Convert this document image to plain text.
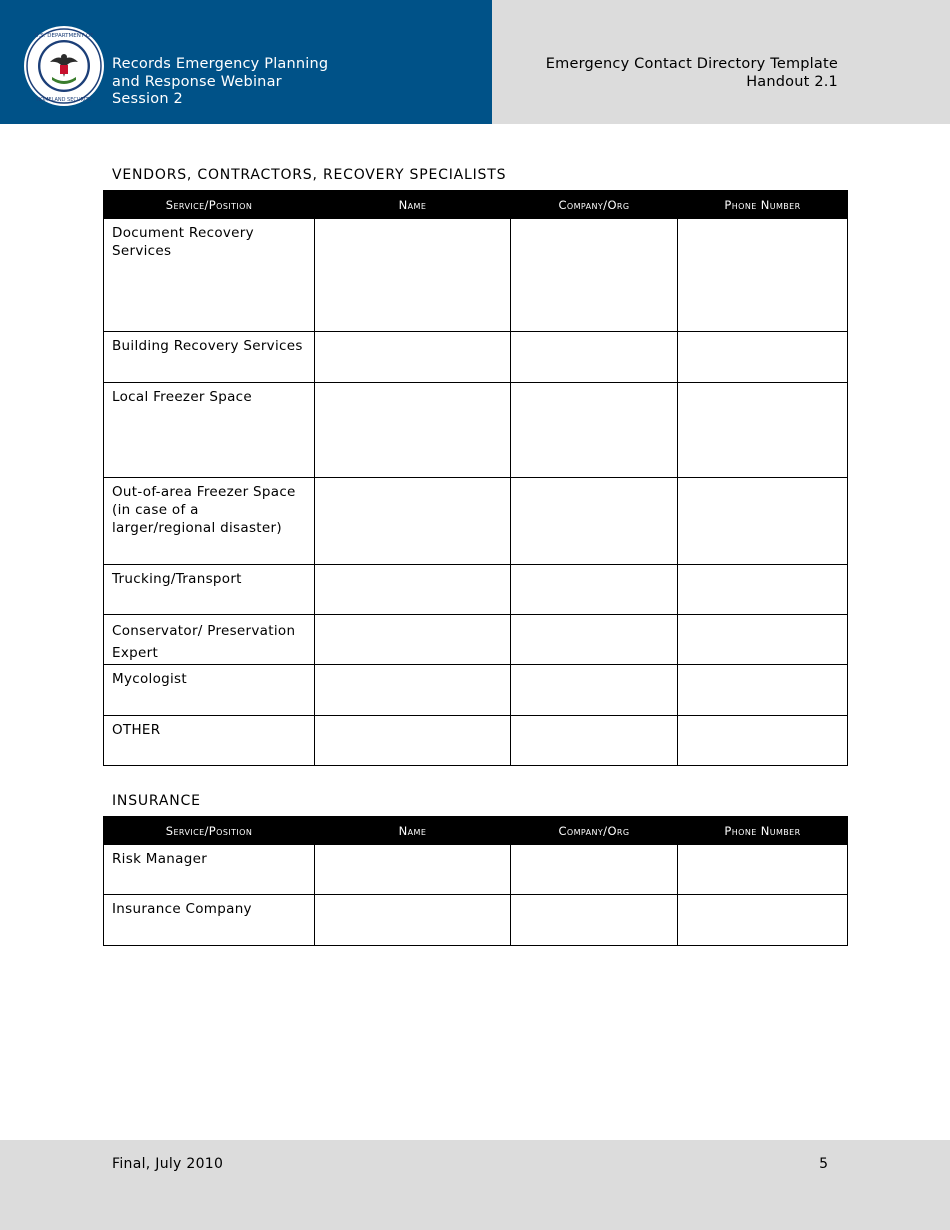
U.S. DEPARTMENT OF
HOMELAND SECURITY
Records Emergency Planning
and Response Webinar
Session 2
Emergency Contact Directory Template
Handout 2.1
VENDORS, CONTRACTORS, RECOVERY SPECIALISTS
Service/Position	Name	Company/Org	Phone Number
Document Recovery Services			
Building Recovery Services			
Local Freezer Space			
Out-of-area Freezer Space (in case of a larger/regional disaster)			
Trucking/Transport			
Conservator/ Preservation Expert			
Mycologist			
OTHER			
INSURANCE
Service/Position	Name	Company/Org	Phone Number
Risk Manager			
Insurance Company			
Final, July 2010	5
